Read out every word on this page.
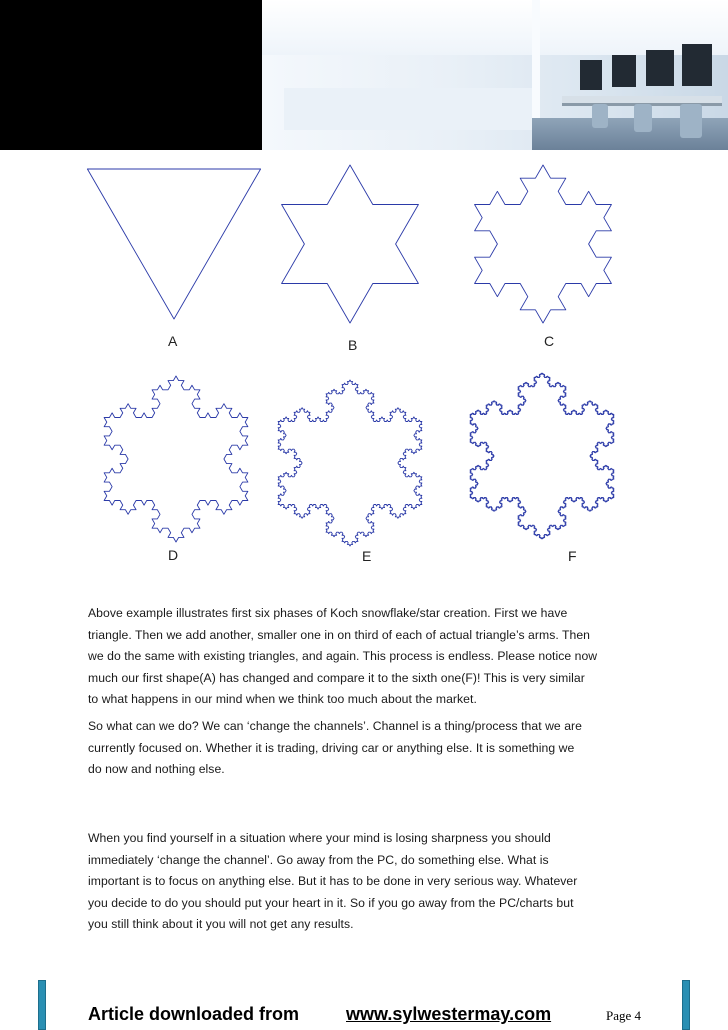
A	B	C
D	E	F
Above example illustrates first six phases of Koch snowflake/star creation. First we have
triangle. Then we add another, smaller one in on third of each of actual triangle’s arms. Then
we do the same with existing triangles, and again. This process is endless. Please notice now
much our first shape(A) has changed and compare it to the sixth one(F)! This is very similar
to what happens in our mind when we think too much about the market.
So what can we do? We can ‘change the channels’. Channel is a thing/process that we are
currently focused on. Whether it is trading, driving car or anything else. It is something we
do now and nothing else.
When you find yourself in a situation where your mind is losing sharpness you should
immediately ‘change the channel’. Go away from the PC, do something else. What is
important is to focus on anything else. But it has to be done in very serious way. Whatever
you decide to do you should put your heart in it. So if you go away from the PC/charts but
you still think about it you will not get any results.
Article downloaded from	www.sylwestermay.com	Page 4
